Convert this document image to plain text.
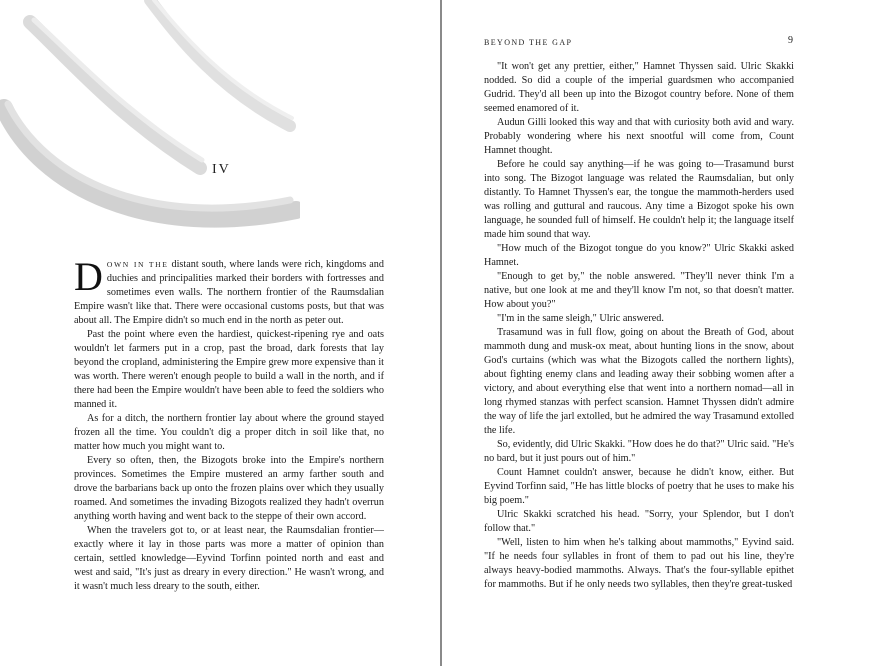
IV

DOWN IN THE distant south, where lands were rich, kingdoms and duchies and principalities marked their borders with fortresses and sometimes even walls. The northern frontier of the Raumsdalian Empire wasn't like that. There were occasional customs posts, but that was about all. The Empire didn't so much end in the north as peter out.

Past the point where even the hardiest, quickest-ripening rye and oats wouldn't let farmers put in a crop, past the broad, dark forests that lay beyond the cropland, administering the Empire grew more expensive than it was worth. There weren't enough people to build a wall in the north, and if there had been the Empire wouldn't have been able to feed the soldiers who manned it.

As for a ditch, the northern frontier lay about where the ground stayed frozen all the time. You couldn't dig a proper ditch in soil like that, no matter how much you might want to.

Every so often, then, the Bizogots broke into the Empire's northern provinces. Sometimes the Empire mustered an army farther south and drove the barbarians back up onto the frozen plains over which they usually roamed. And sometimes the invading Bizogots realized they hadn't overrun anything worth having and went back to the steppe of their own accord.

When the travelers got to, or at least near, the Raumsdalian frontier—exactly where it lay in those parts was more a matter of opinion than certain, settled knowledge—Eyvind Torfinn pointed north and east and west and said, "It's just as dreary in every direction." He wasn't wrong, and it wasn't much less dreary to the south, either.

BEYOND THE GAP	9

"It won't get any prettier, either," Hamnet Thyssen said. Ulric Skakki nodded. So did a couple of the imperial guardsmen who accompanied Gudrid. They'd all been up into the Bizogot country before. None of them seemed enamored of it.

Audun Gilli looked this way and that with curiosity both avid and wary. Probably wondering where his next snootful will come from, Count Hamnet thought.

Before he could say anything—if he was going to—Trasamund burst into song. The Bizogot language was related the Raumsdalian, but only distantly. To Hamnet Thyssen's ear, the tongue the mammoth-herders used was rolling and guttural and raucous. Any time a Bizogot spoke his own language, he sounded full of himself. He couldn't help it; the language itself made him sound that way.

"How much of the Bizogot tongue do you know?" Ulric Skakki asked Hamnet.

"Enough to get by," the noble answered. "They'll never think I'm a native, but one look at me and they'll know I'm not, so that doesn't matter. How about you?"

"I'm in the same sleigh," Ulric answered.

Trasamund was in full flow, going on about the Breath of God, about mammoth dung and musk-ox meat, about hunting lions in the snow, about God's curtains (which was what the Bizogots called the northern lights), about fighting enemy clans and leading away their sobbing women after a victory, and about everything else that went into a northern nomad—all in long rhymed stanzas with perfect scansion. Hamnet Thyssen didn't admire the way of life the jarl extolled, but he admired the way Trasamund extolled the life.

So, evidently, did Ulric Skakki. "How does he do that?" Ulric said. "He's no bard, but it just pours out of him."

Count Hamnet couldn't answer, because he didn't know, either. But Eyvind Torfinn said, "He has little blocks of poetry that he uses to make his big poem."

Ulric Skakki scratched his head. "Sorry, your Splendor, but I don't follow that."

"Well, listen to him when he's talking about mammoths," Eyvind said. "If he needs four syllables in front of them to pad out his line, they're always heavy-bodied mammoths. Always. That's the four-syllable epithet for mammoths. But if he only needs two syllables, then they're great-tusked
